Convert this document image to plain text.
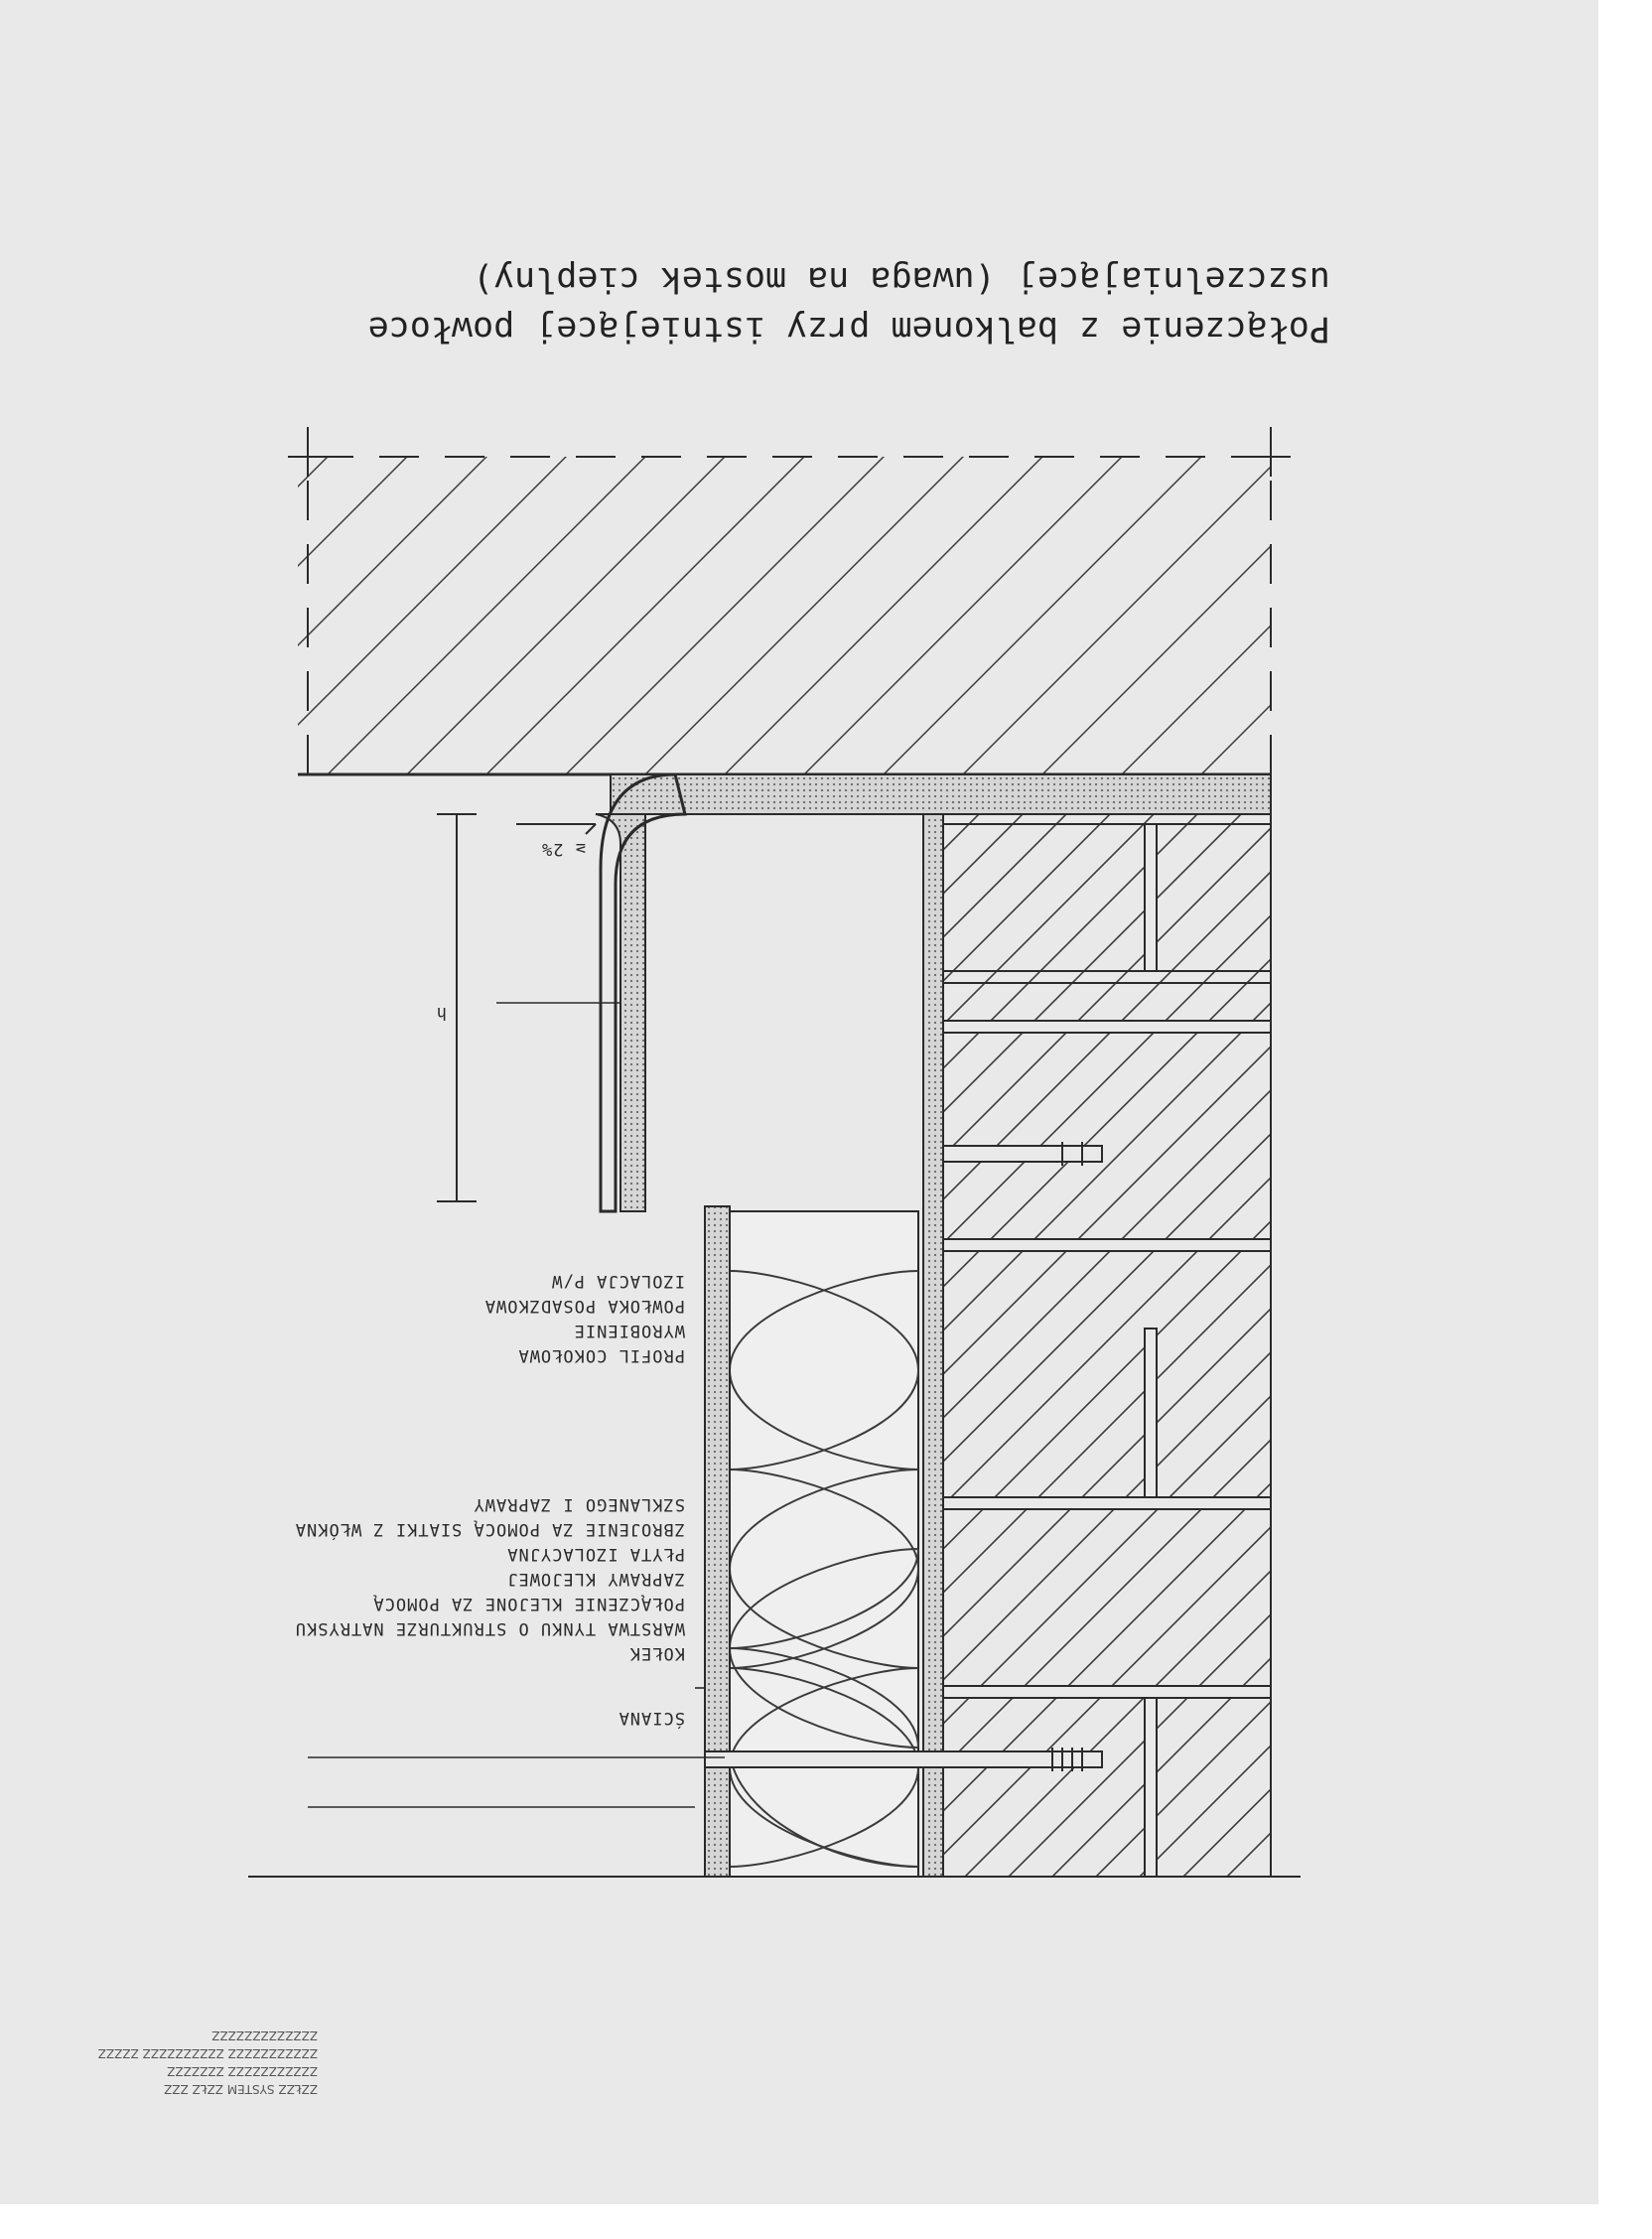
Połączenie z balkonem przy istniejącej powłoce
uszczelniającej (uwaga na mostek cieplny)
h
≥ 2%
ŚCIANA
KOŁEK
WARSTWA TYNKU O STRUKTURZE NATRYSKU
POŁĄCZENIE KLEJONE ZA POMOCĄ
ZAPRAWY KLEJOWEJ
PŁYTA IZOLACYJNA
ZBROJENIE ZA POMOCĄ SIATKI Z WŁÓKNA
SZKLANEGO I ZAPRAWY
PROFIL COKOŁOWA
WYROBIENIE
POWŁOKA POSADZKOWA
IZOLACJA P/W
ZZŁZZ SYSTEM ZZŁZ ZZZ
ZZZZZZZZZZZ ZZZZZZZ
ZZZZZZZZZZZ ZZZZZZZZZZ ZZZZZ
ZZZZZZZZZZZZZ
